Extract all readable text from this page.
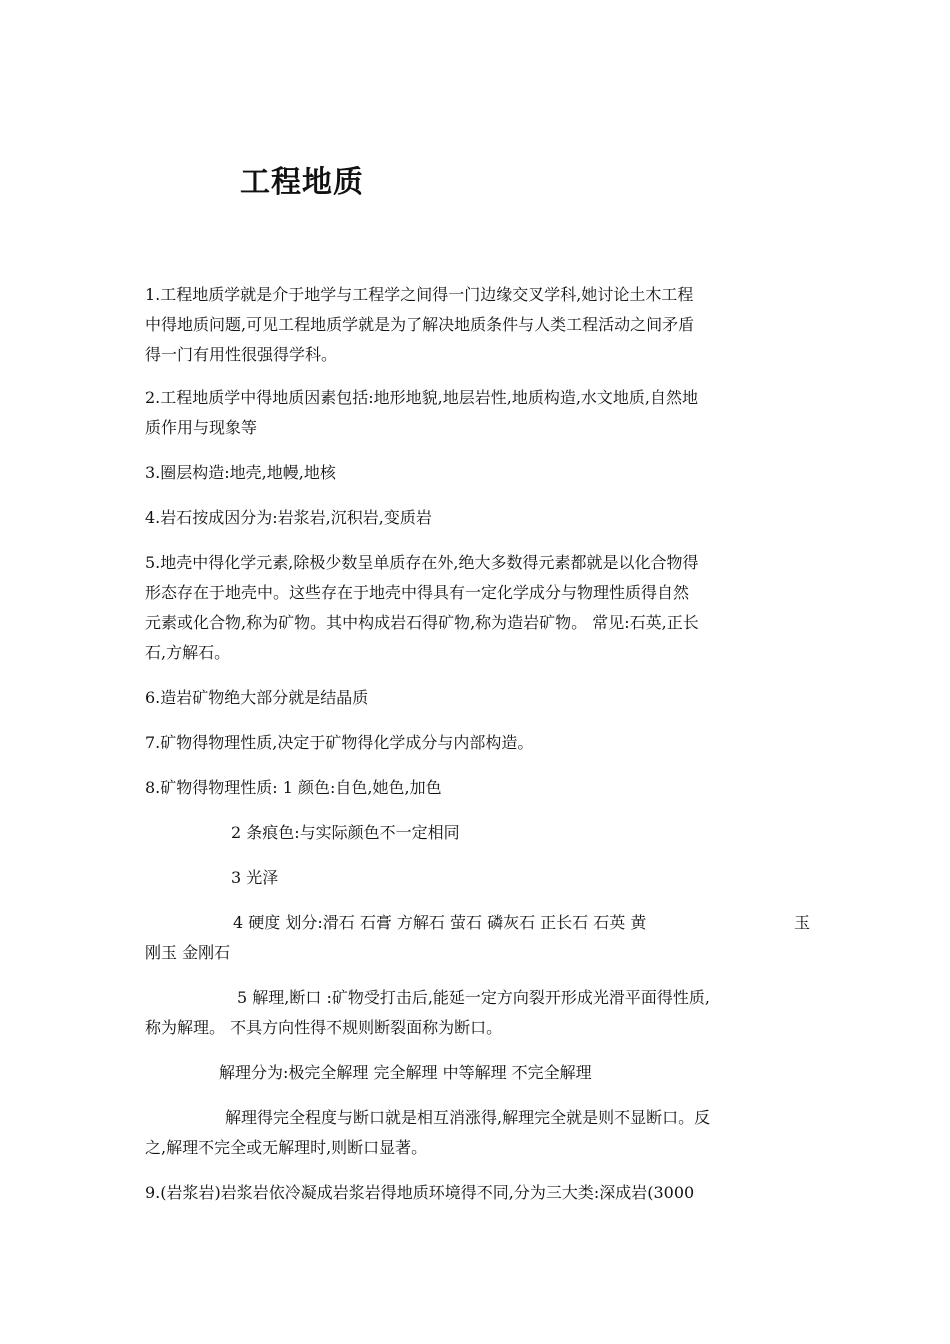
工程地质

1.工程地质学就是介于地学与工程学之间得一门边缘交叉学科,她讨论土木工程
中得地质问题,可见工程地质学就是为了解决地质条件与人类工程活动之间矛盾
得一门有用性很强得学科。

2.工程地质学中得地质因素包括:地形地貌,地层岩性,地质构造,水文地质,自然地
质作用与现象等

3.圈层构造:地壳,地幔,地核

4.岩石按成因分为:岩浆岩,沉积岩,变质岩

5.地壳中得化学元素,除极少数呈单质存在外,绝大多数得元素都就是以化合物得
形态存在于地壳中。这些存在于地壳中得具有一定化学成分与物理性质得自然
元素或化合物,称为矿物。其中构成岩石得矿物,称为造岩矿物。 常见:石英,正长
石,方解石。

6.造岩矿物绝大部分就是结晶质

7.矿物得物理性质,决定于矿物得化学成分与内部构造。

8.矿物得物理性质: 1 颜色:自色,她色,加色

2 条痕色:与实际颜色不一定相同

3 光泽

4 硬度 划分:滑石 石膏 方解石 萤石 磷灰石 正长石 石英 黄	玉
刚玉 金刚石

5 解理,断口 :矿物受打击后,能延一定方向裂开形成光滑平面得性质,
称为解理。 不具方向性得不规则断裂面称为断口。

解理分为:极完全解理 完全解理 中等解理 不完全解理

解理得完全程度与断口就是相互消涨得,解理完全就是则不显断口。反
之,解理不完全或无解理时,则断口显著。

9.(岩浆岩)岩浆岩依冷凝成岩浆岩得地质环境得不同,分为三大类:深成岩(3000
